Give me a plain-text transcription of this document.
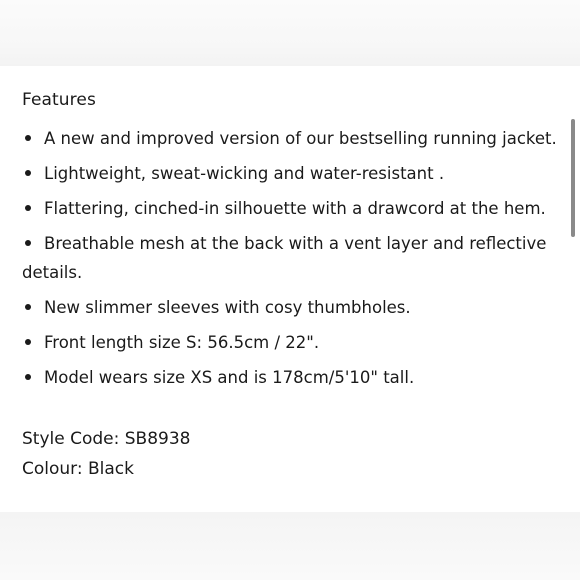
Features
A new and improved version of our bestselling running jacket.
Lightweight, sweat-wicking and water-resistant .
Flattering, cinched-in silhouette with a drawcord at the hem.
Breathable mesh at the back with a vent layer and reflective details.
New slimmer sleeves with cosy thumbholes.
Front length size S: 56.5cm / 22".
Model wears size XS and is 178cm/5'10" tall.
Style Code: SB8938
Colour: Black
